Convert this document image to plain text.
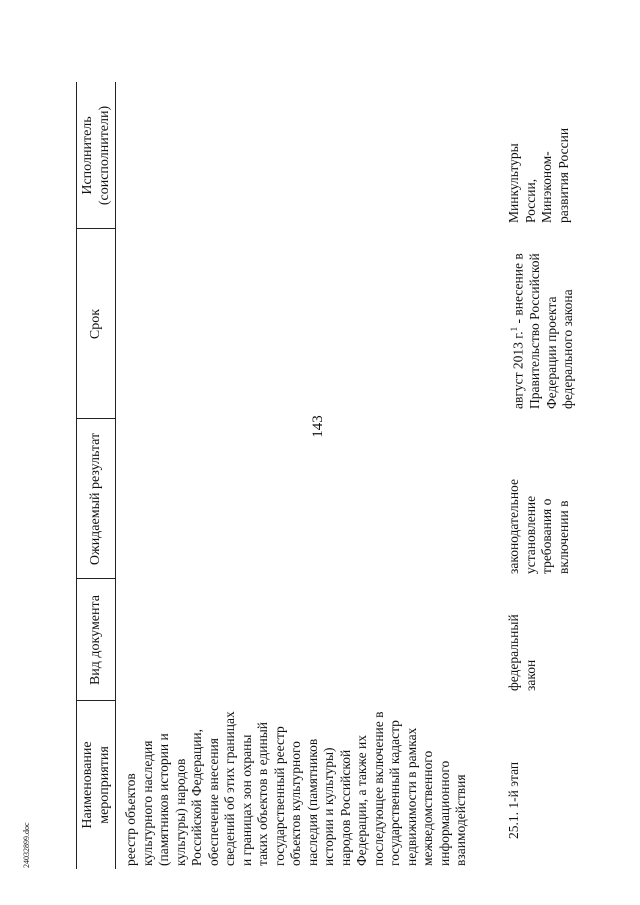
143
Наименование мероприятия
Вид документа
Ожидаемый результат
Срок
Исполнитель (соисполнители)
реестр объектов культурного наследия (памятников истории и культуры) народов Российской Федерации, обеспечение внесения сведений об этих границах и границах зон охраны таких объектов в единый государственный реестр объектов культурного наследия (памятников истории и культуры) народов Российской Федерации, а также их последующее включение в государственный кадастр недвижимости в рамках межведомственного информационного взаимодействия	25.1. 1-й этап
федеральный закон
законодательное установление требования о включении в
август 2013 г.$^1$ - внесение в Правительство Российской Федерации проекта федерального закона
Минкультуры России, Минэконом- развития России
24032899.doc
